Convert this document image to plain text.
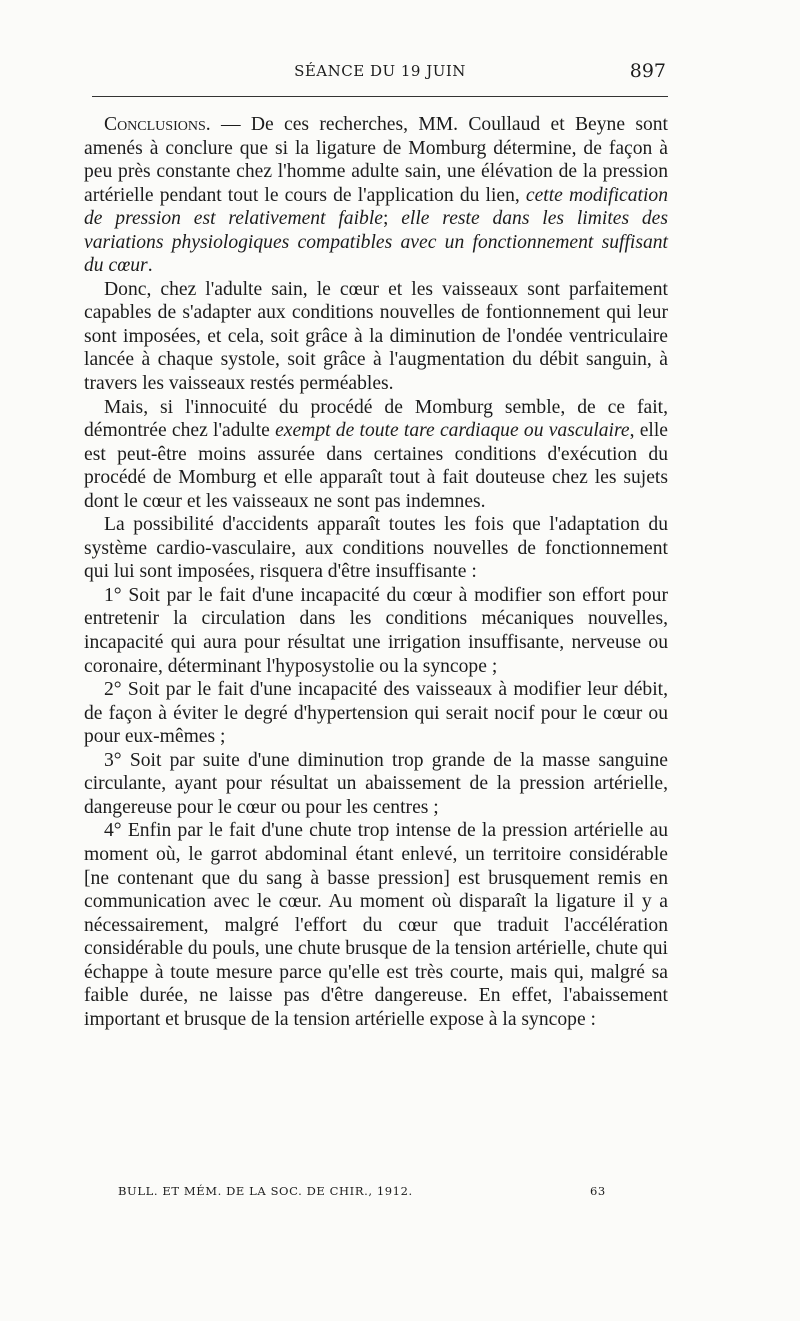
SÉANCE DU 19 JUIN	897

Conclusions. — De ces recherches, MM. Coullaud et Beyne sont amenés à conclure que si la ligature de Momburg détermine, de façon à peu près constante chez l'homme adulte sain, une élévation de la pression artérielle pendant tout le cours de l'application du lien, cette modification de pression est relativement faible; elle reste dans les limites des variations physiologiques compatibles avec un fonctionnement suffisant du cœur.

Donc, chez l'adulte sain, le cœur et les vaisseaux sont parfaitement capables de s'adapter aux conditions nouvelles de fontionnement qui leur sont imposées, et cela, soit grâce à la diminution de l'ondée ventriculaire lancée à chaque systole, soit grâce à l'augmentation du débit sanguin, à travers les vaisseaux restés perméables.

Mais, si l'innocuité du procédé de Momburg semble, de ce fait, démontrée chez l'adulte exempt de toute tare cardiaque ou vasculaire, elle est peut-être moins assurée dans certaines conditions d'exécution du procédé de Momburg et elle apparaît tout à fait douteuse chez les sujets dont le cœur et les vaisseaux ne sont pas indemnes.

La possibilité d'accidents apparaît toutes les fois que l'adaptation du système cardio-vasculaire, aux conditions nouvelles de fonctionnement qui lui sont imposées, risquera d'être insuffisante :

1° Soit par le fait d'une incapacité du cœur à modifier son effort pour entretenir la circulation dans les conditions mécaniques nouvelles, incapacité qui aura pour résultat une irrigation insuffisante, nerveuse ou coronaire, déterminant l'hyposystolie ou la syncope ;

2° Soit par le fait d'une incapacité des vaisseaux à modifier leur débit, de façon à éviter le degré d'hypertension qui serait nocif pour le cœur ou pour eux-mêmes ;

3° Soit par suite d'une diminution trop grande de la masse sanguine circulante, ayant pour résultat un abaissement de la pression artérielle, dangereuse pour le cœur ou pour les centres ;

4° Enfin par le fait d'une chute trop intense de la pression artérielle au moment où, le garrot abdominal étant enlevé, un territoire considérable [ne contenant que du sang à basse pression] est brusquement remis en communication avec le cœur. Au moment où disparaît la ligature il y a nécessairement, malgré l'effort du cœur que traduit l'accélération considérable du pouls, une chute brusque de la tension artérielle, chute qui échappe à toute mesure parce qu'elle est très courte, mais qui, malgré sa faible durée, ne laisse pas d'être dangereuse. En effet, l'abaissement important et brusque de la tension artérielle expose à la syncope :

BULL. ET MÉM. DE LA SOC. DE CHIR., 1912.	63
